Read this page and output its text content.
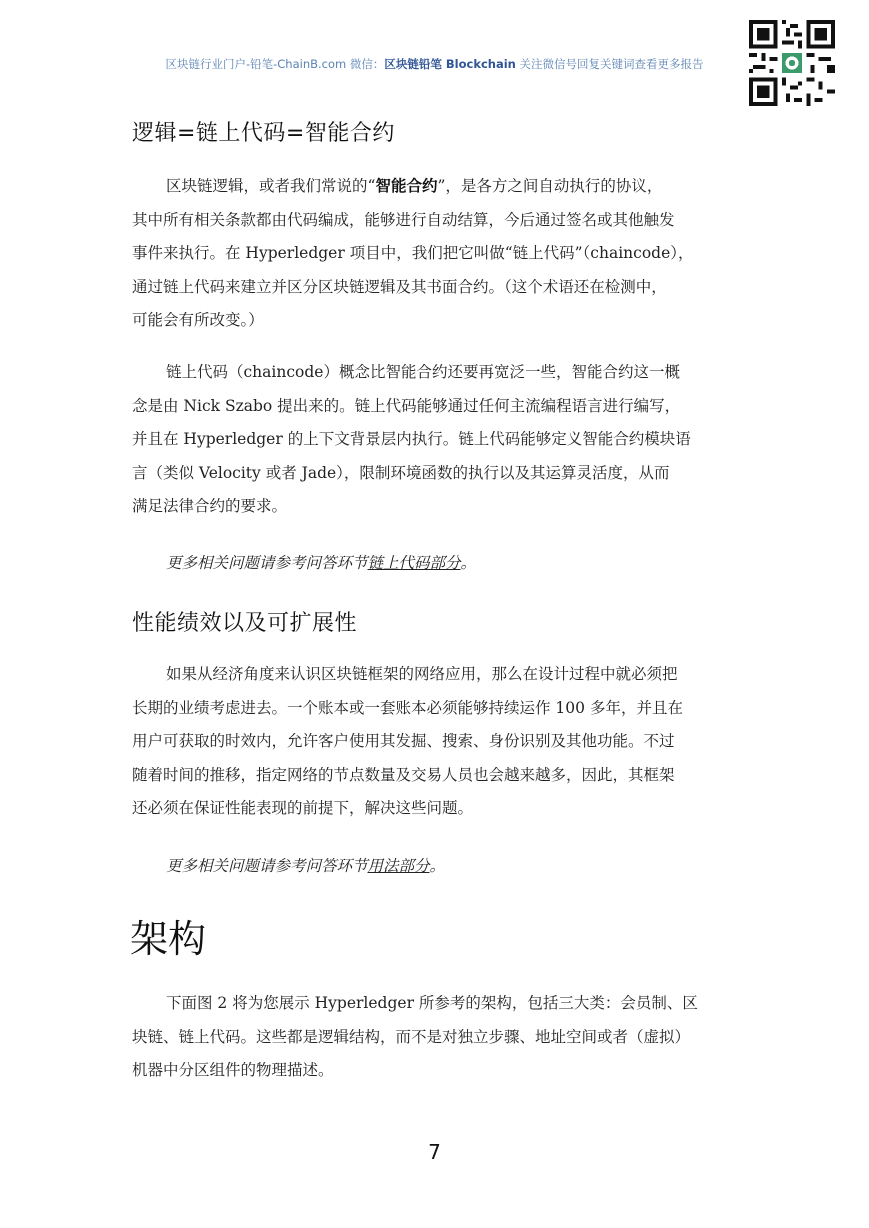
区块链行业门户-铅笔-ChainB.com 微信：区块链铅笔 Blockchain 关注微信号回复关键词查看更多报告
逻辑=链上代码=智能合约

区块链逻辑，或者我们常说的“智能合约”，是各方之间自动执行的协议，
其中所有相关条款都由代码编成，能够进行自动结算，今后通过签名或其他触发
事件来执行。在 Hyperledger 项目中，我们把它叫做“链上代码”（chaincode），
通过链上代码来建立并区分区块链逻辑及其书面合约。（这个术语还在检测中，
可能会有所改变。）

链上代码（chaincode）概念比智能合约还要再宽泛一些，智能合约这一概
念是由 Nick Szabo 提出来的。链上代码能够通过任何主流编程语言进行编写，
并且在 Hyperledger 的上下文背景层内执行。链上代码能够定义智能合约模块语
言（类似 Velocity 或者 Jade），限制环境函数的执行以及其运算灵活度，从而
满足法律合约的要求。

更多相关问题请参考问答环节链上代码部分。

性能绩效以及可扩展性

如果从经济角度来认识区块链框架的网络应用，那么在设计过程中就必须把
长期的业绩考虑进去。一个账本或一套账本必须能够持续运作 100 多年，并且在
用户可获取的时效内，允许客户使用其发掘、搜索、身份识别及其他功能。不过
随着时间的推移，指定网络的节点数量及交易人员也会越来越多，因此，其框架
还必须在保证性能表现的前提下，解决这些问题。

更多相关问题请参考问答环节用法部分。

架构

下面图 2 将为您展示 Hyperledger 所参考的架构，包括三大类：会员制、区
块链、链上代码。这些都是逻辑结构，而不是对独立步骤、地址空间或者（虚拟）
机器中分区组件的物理描述。

7
